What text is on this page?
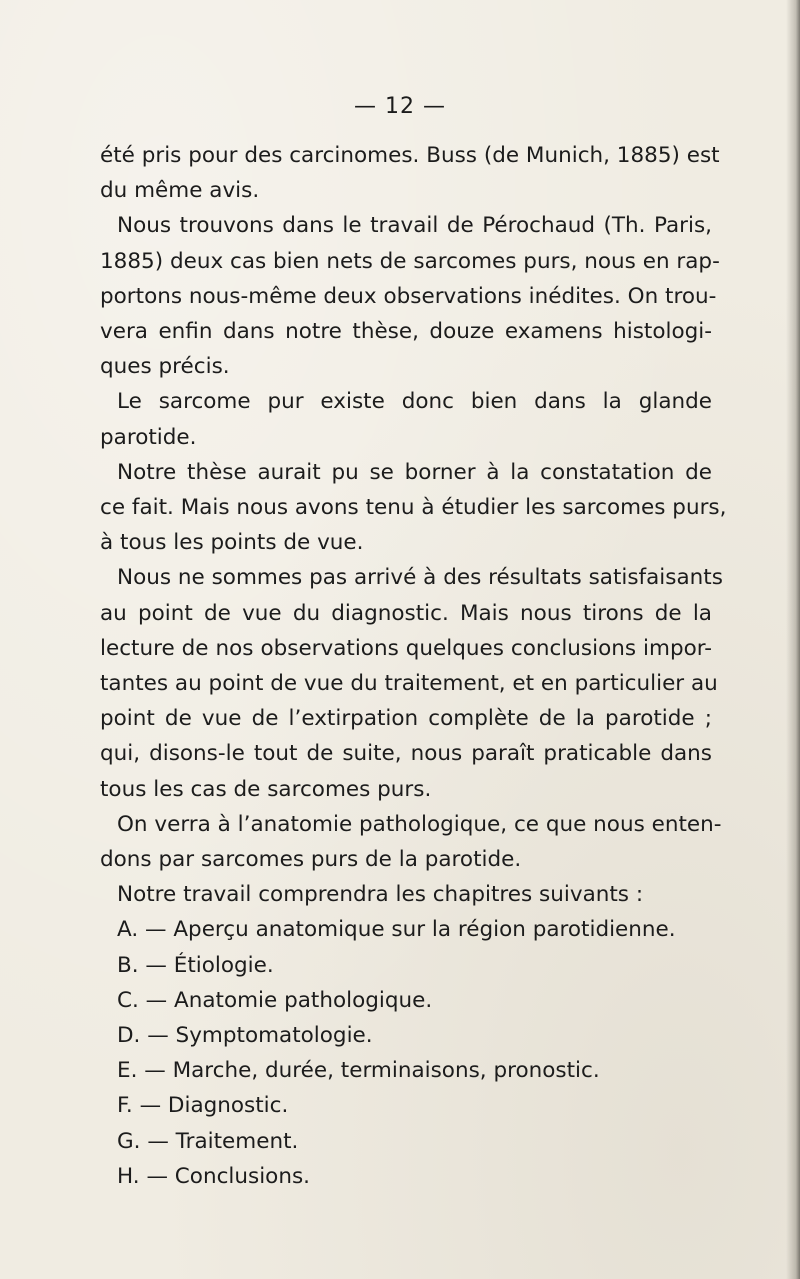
— 12 —
été pris pour des carcinomes. Buss (de Munich, 1885) est
du même avis.
Nous trouvons dans le travail de Pérochaud (Th. Paris,
1885) deux cas bien nets de sarcomes purs, nous en rap-
portons nous-même deux observations inédites. On trou-
vera enfin dans notre thèse, douze examens histologi-
ques précis.
Le sarcome pur existe donc bien dans la glande
parotide.
Notre thèse aurait pu se borner à la constatation de
ce fait. Mais nous avons tenu à étudier les sarcomes purs,
à tous les points de vue.
Nous ne sommes pas arrivé à des résultats satisfaisants
au point de vue du diagnostic. Mais nous tirons de la
lecture de nos observations quelques conclusions impor-
tantes au point de vue du traitement, et en particulier au
point de vue de l’extirpation complète de la parotide ;
qui, disons-le tout de suite, nous paraît praticable dans
tous les cas de sarcomes purs.
On verra à l’anatomie pathologique, ce que nous enten-
dons par sarcomes purs de la parotide.
Notre travail comprendra les chapitres suivants :
A. — Aperçu anatomique sur la région parotidienne.
B. — Étiologie.
C. — Anatomie pathologique.
D. — Symptomatologie.
E. — Marche, durée, terminaisons, pronostic.
F. — Diagnostic.
G. — Traitement.
H. — Conclusions.
